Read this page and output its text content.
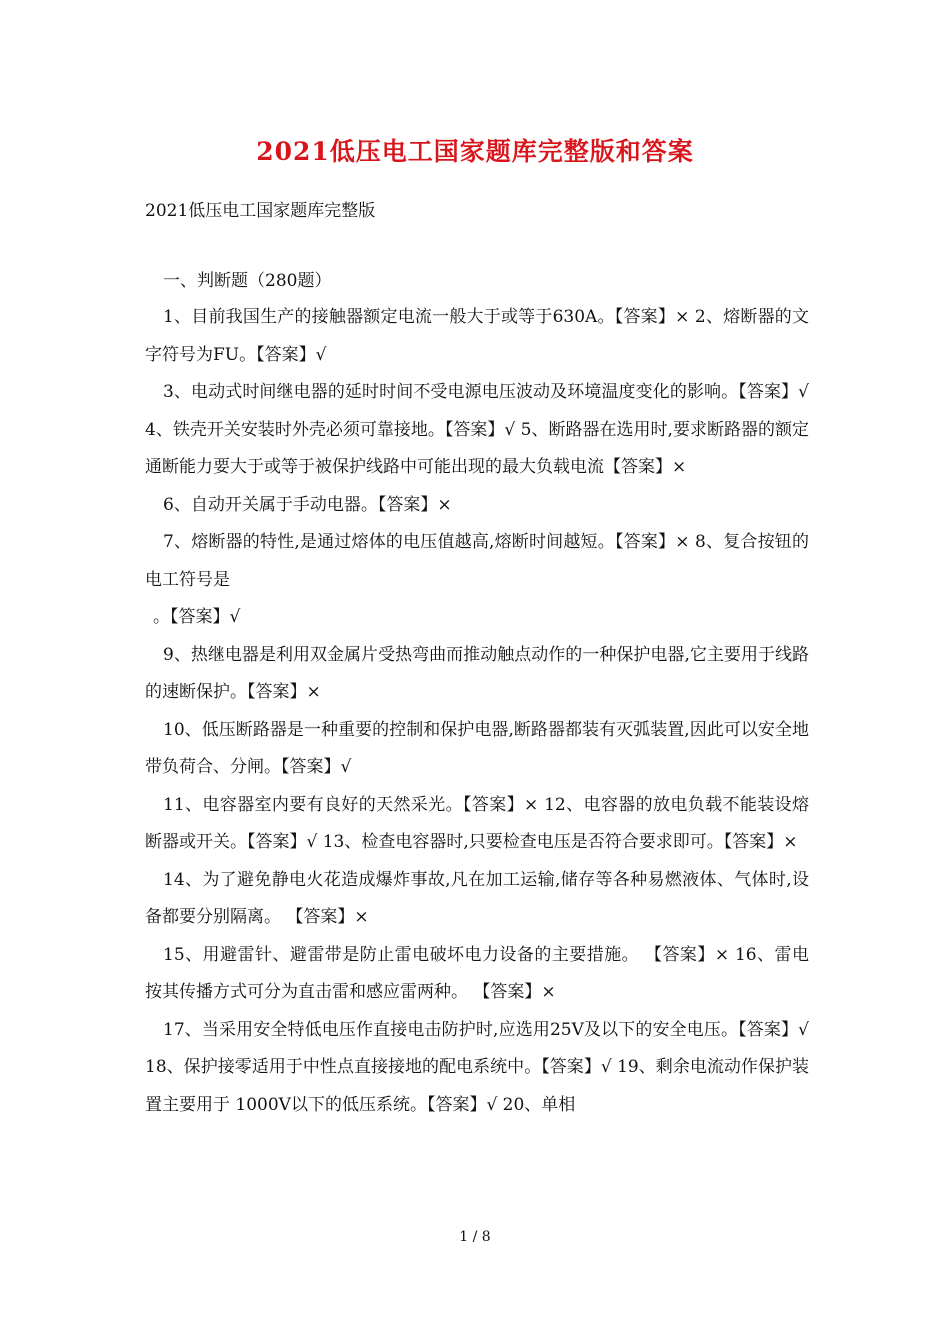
2021低压电工国家题库完整版和答案
2021低压电工国家题库完整版
一、判断题（280题）

1、目前我国生产的接触器额定电流一般大于或等于630A。【答案】× 2、熔断器的文字符号为FU。【答案】√

3、电动式时间继电器的延时时间不受电源电压波动及环境温度变化的影响。【答案】√ 4、铁壳开关安装时外壳必须可靠接地。【答案】√ 5、断路器在选用时,要求断路器的额定通断能力要大于或等于被保护线路中可能出现的最大负载电流【答案】×

6、自动开关属于手动电器。【答案】×

7、熔断器的特性,是通过熔体的电压值越高,熔断时间越短。【答案】× 8、复合按钮的电工符号是

。【答案】√

9、热继电器是利用双金属片受热弯曲而推动触点动作的一种保护电器,它主要用于线路的速断保护。【答案】×

10、低压断路器是一种重要的控制和保护电器,断路器都装有灭弧装置,因此可以安全地带负荷合、分闸。【答案】√

11、电容器室内要有良好的天然采光。【答案】× 12、电容器的放电负载不能装设熔断器或开关。【答案】√ 13、检查电容器时,只要检查电压是否符合要求即可。【答案】×

14、为了避免静电火花造成爆炸事故,凡在加工运输,储存等各种易燃液体、气体时,设备都要分别隔离。 【答案】×

15、用避雷针、避雷带是防止雷电破坏电力设备的主要措施。 【答案】× 16、雷电按其传播方式可分为直击雷和感应雷两种。 【答案】×

17、当采用安全特低电压作直接电击防护时,应选用25V及以下的安全电压。【答案】√ 18、保护接零适用于中性点直接接地的配电系统中。【答案】√ 19、剩余电流动作保护装置主要用于 1000V以下的低压系统。【答案】√ 20、单相

1 / 8
